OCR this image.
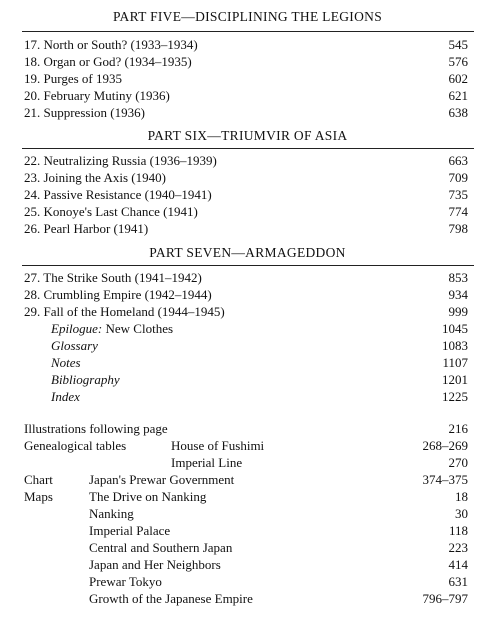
PART FIVE—DISCIPLINING THE LEGIONS
17. North or South? (1933–1934)	545
18. Organ or God? (1934–1935)	576
19. Purges of 1935	602
20. February Mutiny (1936)	621
21. Suppression (1936)	638
PART SIX—TRIUMVIR OF ASIA
22. Neutralizing Russia (1936–1939)	663
23. Joining the Axis (1940)	709
24. Passive Resistance (1940–1941)	735
25. Konoye's Last Chance (1941)	774
26. Pearl Harbor (1941)	798
PART SEVEN—ARMAGEDDON
27. The Strike South (1941–1942)	853
28. Crumbling Empire (1942–1944)	934
29. Fall of the Homeland (1944–1945)	999
Epilogue: New Clothes	1045
Glossary	1083
Notes	1107
Bibliography	1201
Index	1225
Illustrations following page	216
Genealogical tables	House of Fushimi	268–269
Imperial Line	270
Chart	Japan's Prewar Government	374–375
Maps	The Drive on Nanking	18
Nanking	30
Imperial Palace	118
Central and Southern Japan	223
Japan and Her Neighbors	414
Prewar Tokyo	631
Growth of the Japanese Empire	796–797
